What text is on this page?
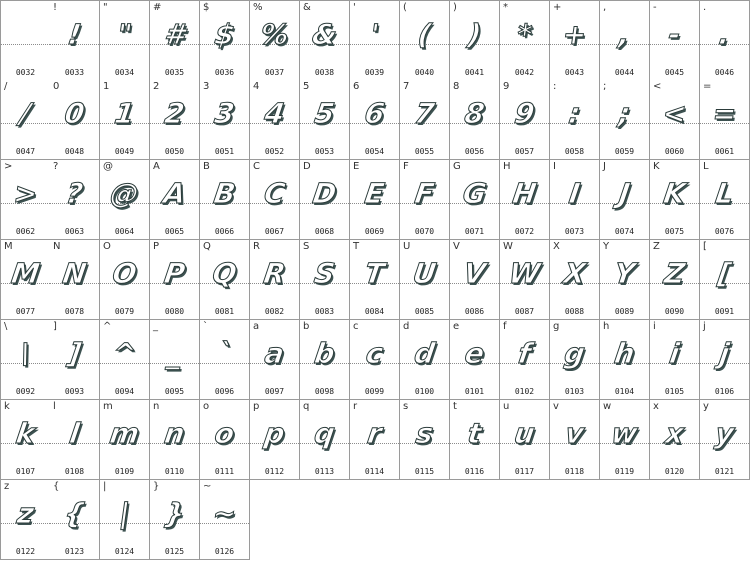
0032
!
!
0033
"
"
0034
#
#
0035
$
$
0036
%
%
0037
&
&
0038
'
'
0039
(
(
0040
)
)
0041
*
*
0042
+
+
0043
,
,
0044
-
-
0045
.
.
0046
/
/
0047
0
0
0048
1
1
0049
2
2
0050
3
3
0051
4
4
0052
5
5
0053
6
6
0054
7
7
0055
8
8
0056
9
9
0057
:
:
0058
;
;
0059
<
<
0060
=
=
0061
>
>
0062
?
?
0063
@
@
0064
A
A
0065
B
B
0066
C
C
0067
D
D
0068
E
E
0069
F
F
0070
G
G
0071
H
H
0072
I
I
0073
J
J
0074
K
K
0075
L
L
0076
M
M
0077
N
N
0078
O
O
0079
P
P
0080
Q
Q
0081
R
R
0082
S
S
0083
T
T
0084
U
U
0085
V
V
0086
W
W
0087
X
X
0088
Y
Y
0089
Z
Z
0090
[
[
0091
\
\
0092
]
]
0093
^
^
0094
_
_
0095
`
`
0096
a
a
0097
b
b
0098
c
c
0099
d
d
0100
e
e
0101
f
f
0102
g
g
0103
h
h
0104
i
i
0105
j
j
0106
k
k
0107
l
l
0108
m
m
0109
n
n
0110
o
o
0111
p
p
0112
q
q
0113
r
r
0114
s
s
0115
t
t
0116
u
u
0117
v
v
0118
w
w
0119
x
x
0120
y
y
0121
z
z
0122
{
{
0123
|
|
0124
}
}
0125
~
~
0126
